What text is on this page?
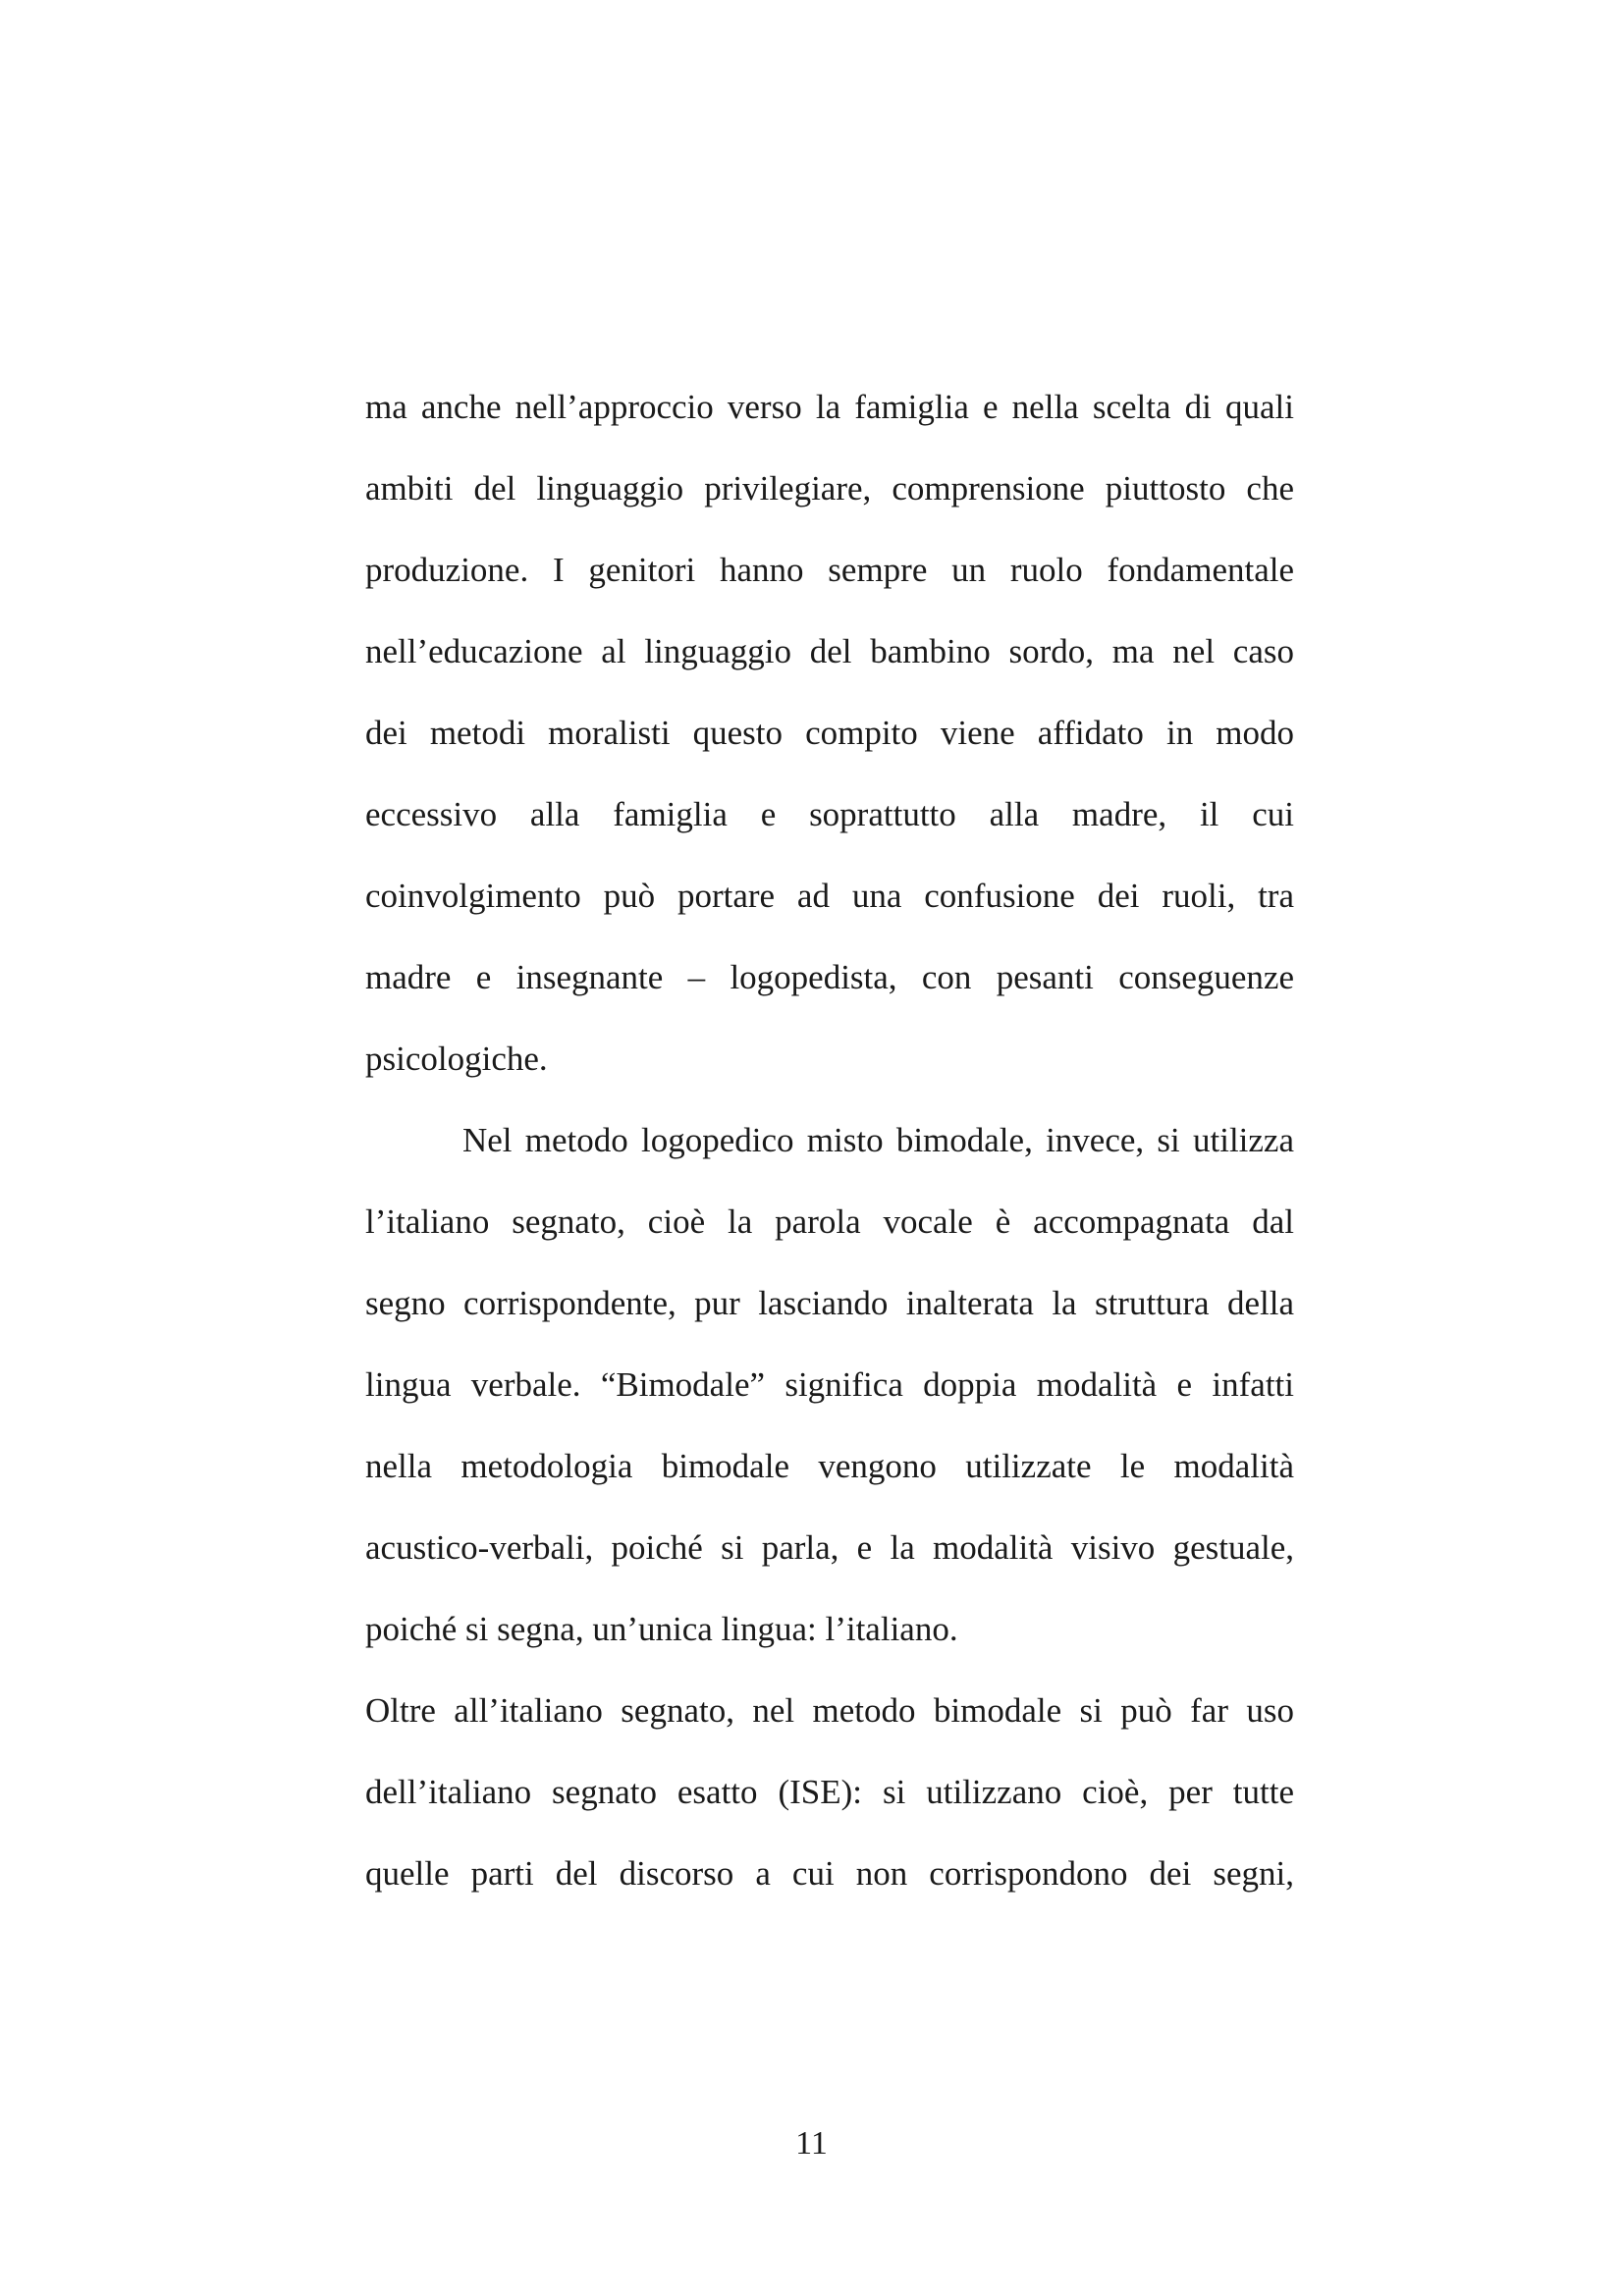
ma anche nell’approccio verso la famiglia e nella scelta di quali
ambiti del linguaggio privilegiare, comprensione piuttosto che
produzione. I genitori hanno sempre un ruolo fondamentale
nell’educazione al linguaggio del bambino sordo, ma nel caso
dei metodi moralisti questo compito viene affidato in modo
eccessivo alla famiglia e soprattutto alla madre, il cui
coinvolgimento può portare ad una confusione dei ruoli, tra
madre e insegnante – logopedista, con pesanti conseguenze
psicologiche.
Nel metodo logopedico misto bimodale, invece, si utilizza
l’italiano segnato, cioè la parola vocale è accompagnata dal
segno corrispondente, pur lasciando inalterata la struttura della
lingua verbale. “Bimodale” significa doppia modalità e infatti
nella metodologia bimodale vengono utilizzate le modalità
acustico-verbali, poiché si parla, e la modalità visivo gestuale,
poiché si segna, un’unica lingua: l’italiano.
Oltre all’italiano segnato, nel metodo bimodale si può far uso
dell’italiano segnato esatto (ISE): si utilizzano cioè, per tutte
quelle parti del discorso a cui non corrispondono dei segni,
11
